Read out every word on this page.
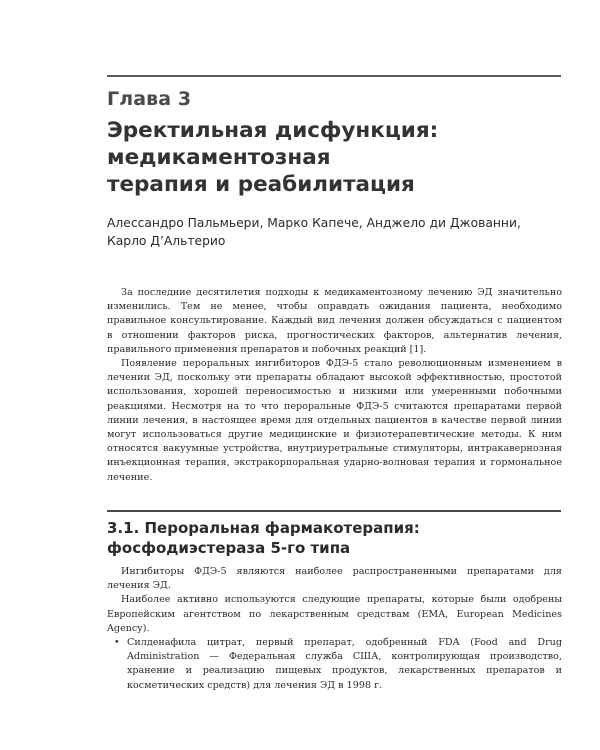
Глава 3
Эректильная дисфункция:
медикаментозная
терапия и реабилитация
Алессандро Пальмьери, Марко Капече, Анджело ди Джованни,
Карло Д’Альтерио

За последние десятилетия подходы к медикаментозному лечению ЭД значительно изменились. Тем не менее, чтобы оправдать ожидания пациента, необходимо правильное консультирование. Каждый вид лечения должен обсуждаться с пациентом в отношении факторов риска, прогностических факторов, альтернатив лечения, правильного применения препаратов и побочных реакций [1].

Появление пероральных ингибиторов ФДЭ-5 стало революционным изменением в лечении ЭД, поскольку эти препараты обладают высокой эффективностью, простотой использования, хорошей переносимостью и низкими или умеренными побочными реакциями. Несмотря на то что пероральные ФДЭ-5 считаются препаратами первой линии лечения, в настоящее время для отдельных пациентов в качестве первой линии могут использоваться другие медицинские и физиотерапевтические методы. К ним относятся вакуумные устройства, внутриуретральные стимуляторы, интракавернозная инъекционная терапия, экстракорпоральная ударно-волновая терапия и гормональное лечение.

3.1. Пероральная фармакотерапия:
фосфодиэстераза 5-го типа

Ингибиторы ФДЭ-5 являются наиболее распространенными препаратами для лечения ЭД.

Наиболее активно используются следующие препараты, которые были одобрены Европейским агентством по лекарственным средствам (EMA, European Medicines Agency).

• Силденафила цитрат, первый препарат, одобренный FDA (Food and Drug Administration — Федеральная служба США, контролирующая производство, хранение и реализацию пищевых продуктов, лекарственных препаратов и косметических средств) для лечения ЭД в 1998 г.
